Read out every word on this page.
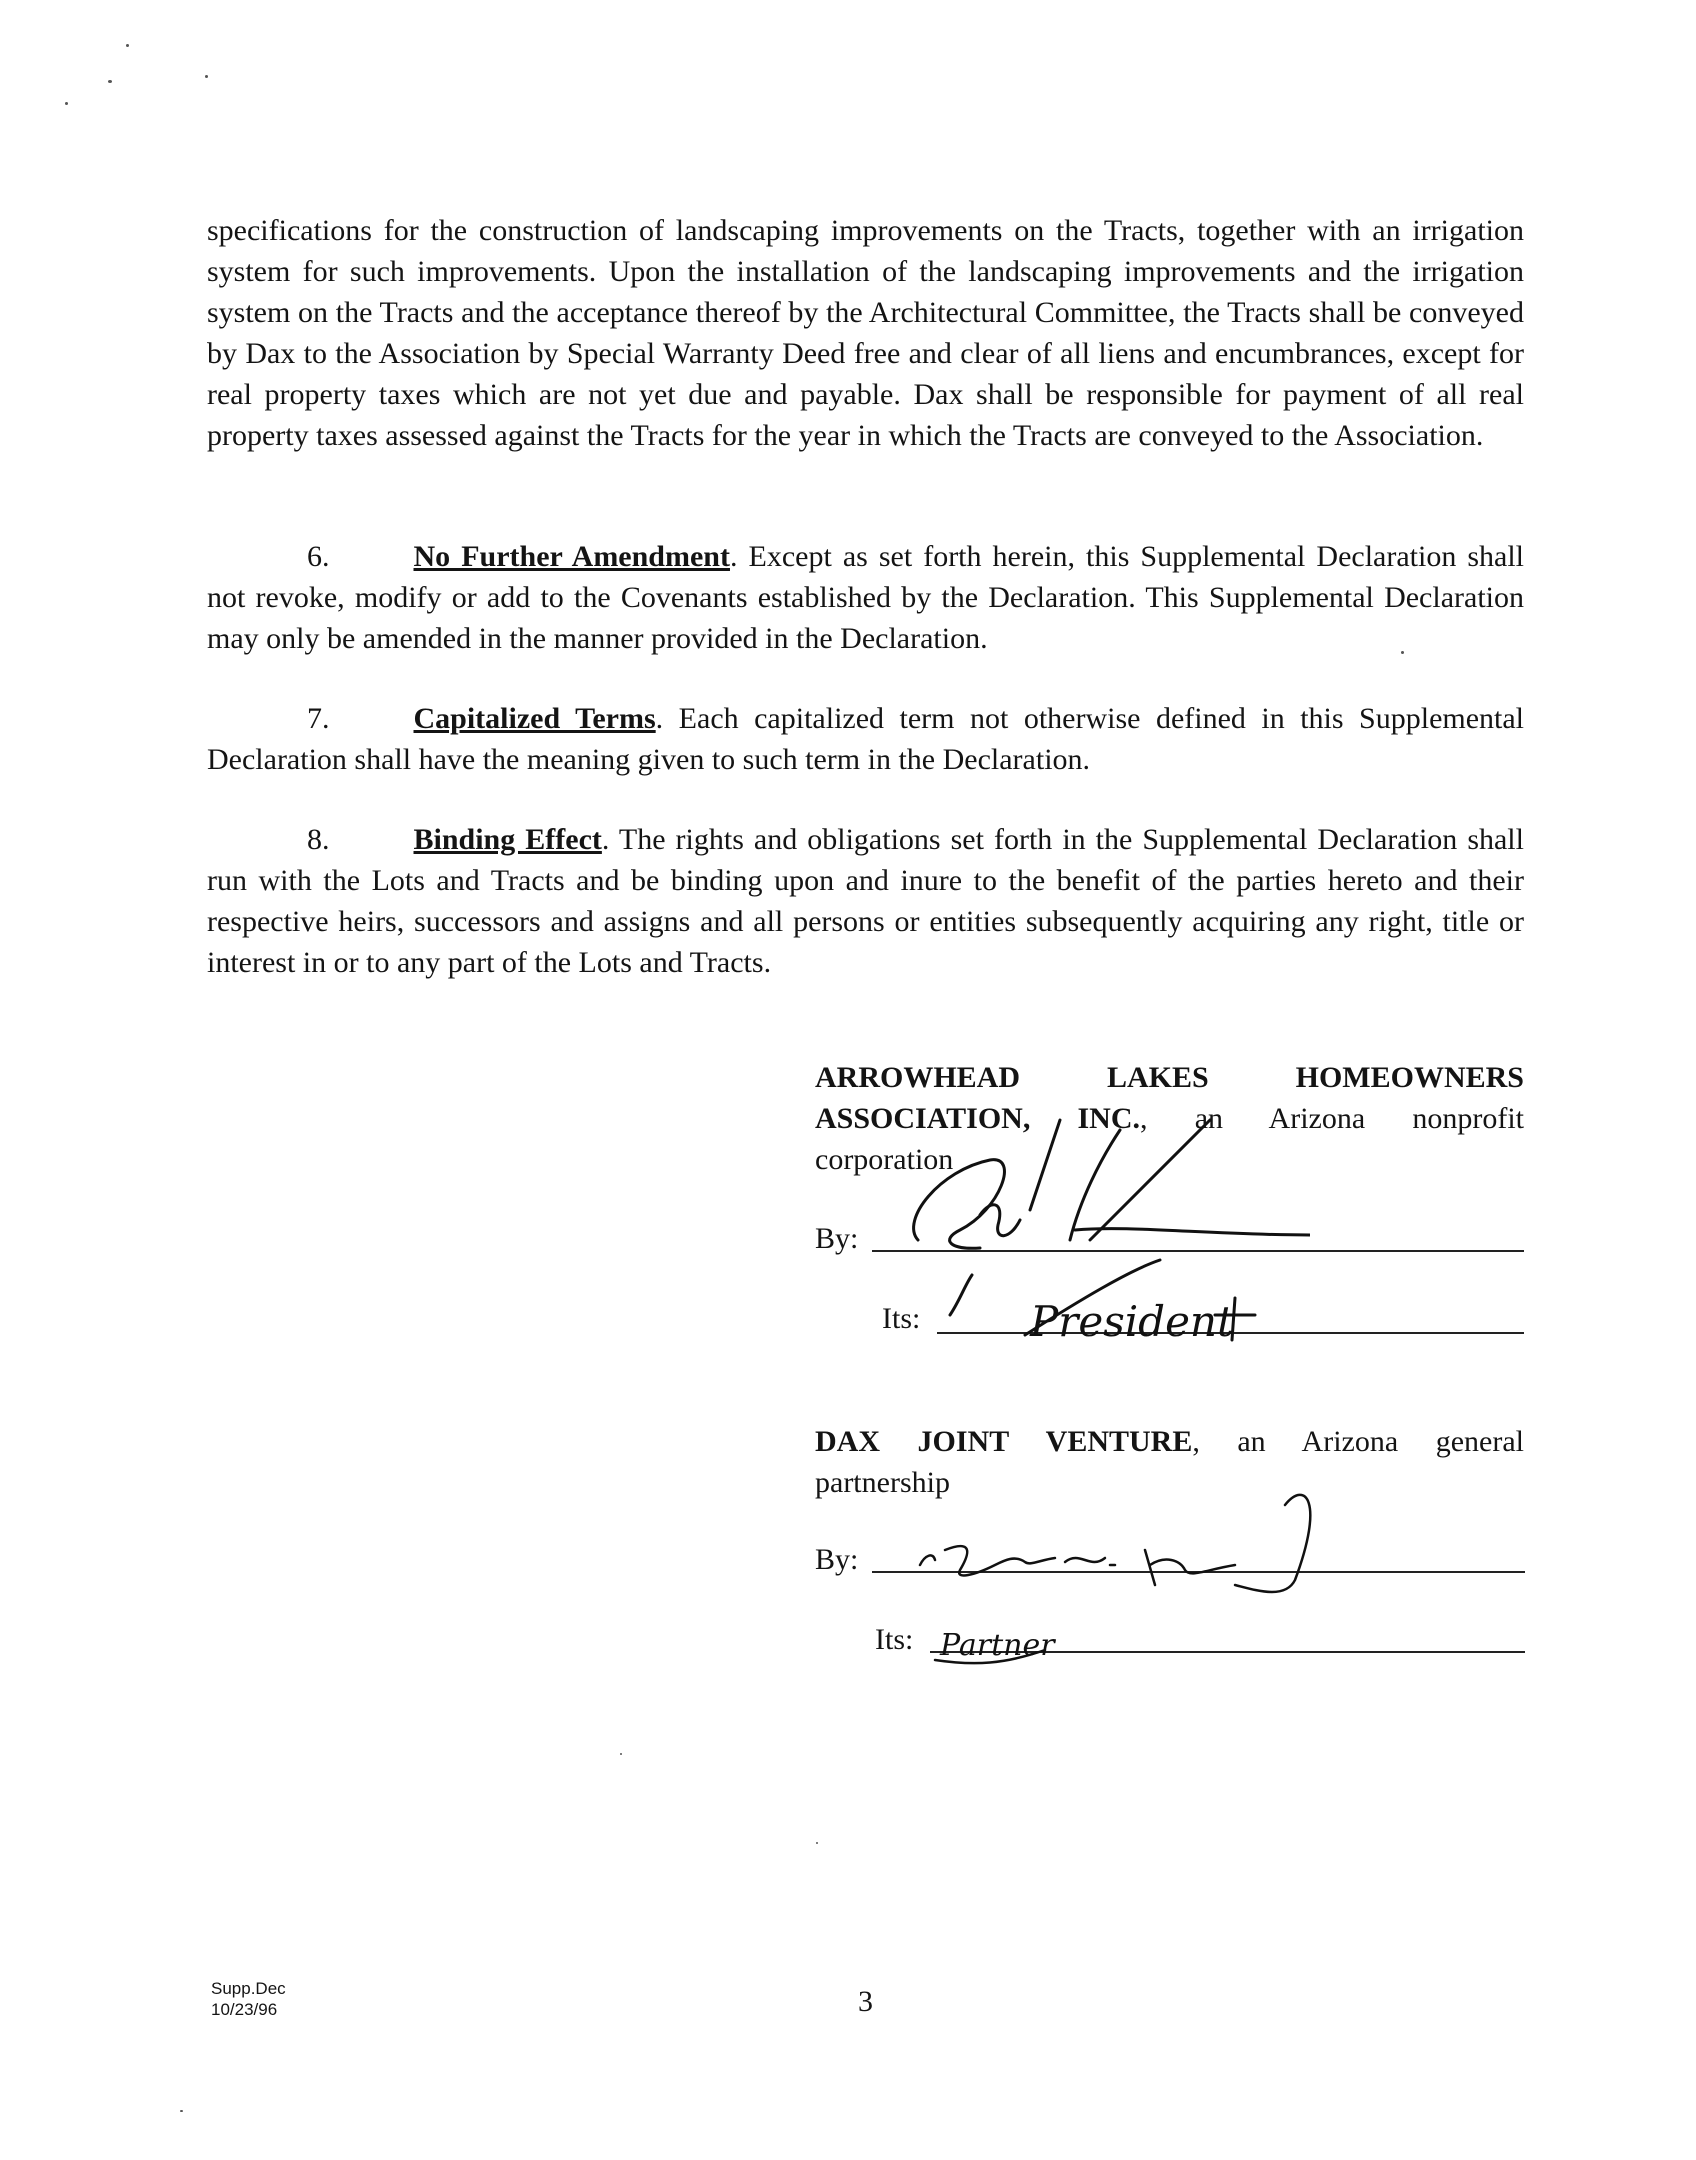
specifications for the construction of landscaping improvements on the Tracts, together with an irrigation system for such improvements. Upon the installation of the landscaping improvements and the irrigation system on the Tracts and the acceptance thereof by the Architectural Committee, the Tracts shall be conveyed by Dax to the Association by Special Warranty Deed free and clear of all liens and encumbrances, except for real property taxes which are not yet due and payable. Dax shall be responsible for payment of all real property taxes assessed against the Tracts for the year in which the Tracts are conveyed to the Association.

6.	No Further Amendment. Except as set forth herein, this Supplemental Declaration shall not revoke, modify or add to the Covenants established by the Declaration. This Supplemental Declaration may only be amended in the manner provided in the Declaration.

7.	Capitalized Terms. Each capitalized term not otherwise defined in this Supplemental Declaration shall have the meaning given to such term in the Declaration.

8.	Binding Effect. The rights and obligations set forth in the Supplemental Declaration shall run with the Lots and Tracts and be binding upon and inure to the benefit of the parties hereto and their respective heirs, successors and assigns and all persons or entities subsequently acquiring any right, title or interest in or to any part of the Lots and Tracts.

ARROWHEAD LAKES HOMEOWNERS

ASSOCIATION, INC., an Arizona nonprofit

corporation

By:
Its:	President

DAX JOINT VENTURE, an Arizona general

partnership

By:
Its: Partner
Supp.Dec
10/23/96	3
